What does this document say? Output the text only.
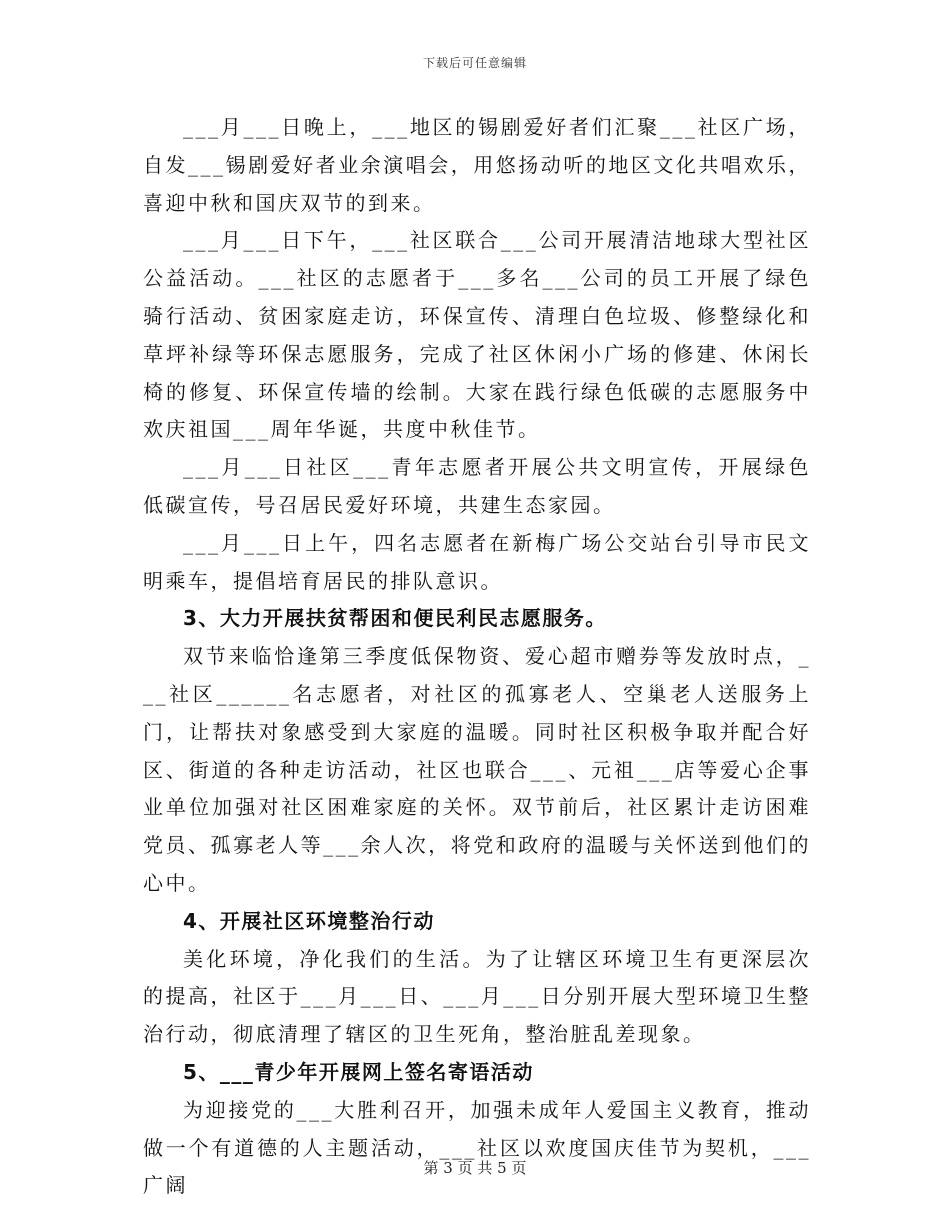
下载后可任意编辑

___月___日晚上，___地区的锡剧爱好者们汇聚___社区广场，自发___锡剧爱好者业余演唱会，用悠扬动听的地区文化共唱欢乐，喜迎中秋和国庆双节的到来。

___月___日下午，___社区联合___公司开展清洁地球大型社区公益活动。___社区的志愿者于___多名___公司的员工开展了绿色骑行活动、贫困家庭走访，环保宣传、清理白色垃圾、修整绿化和草坪补绿等环保志愿服务，完成了社区休闲小广场的修建、休闲长椅的修复、环保宣传墙的绘制。大家在践行绿色低碳的志愿服务中欢庆祖国___周年华诞，共度中秋佳节。

___月___日社区___青年志愿者开展公共文明宣传，开展绿色低碳宣传，号召居民爱好环境，共建生态家园。

___月___日上午，四名志愿者在新梅广场公交站台引导市民文明乘车，提倡培育居民的排队意识。

3、大力开展扶贫帮困和便民利民志愿服务。

双节来临恰逢第三季度低保物资、爱心超市赠券等发放时点，___社区______名志愿者，对社区的孤寡老人、空巢老人送服务上门，让帮扶对象感受到大家庭的温暖。同时社区积极争取并配合好区、街道的各种走访活动，社区也联合___、元祖___店等爱心企事业单位加强对社区困难家庭的关怀。双节前后，社区累计走访困难党员、孤寡老人等___余人次，将党和政府的温暖与关怀送到他们的心中。

4、开展社区环境整治行动

美化环境，净化我们的生活。为了让辖区环境卫生有更深层次的提高，社区于___月___日、___月___日分别开展大型环境卫生整治行动，彻底清理了辖区的卫生死角，整治脏乱差现象。

5、___青少年开展网上签名寄语活动

为迎接党的___大胜利召开，加强未成年人爱国主义教育，推动做一个有道德的人主题活动，___社区以欢度国庆佳节为契机，___广阔

第 3 页 共 5 页
